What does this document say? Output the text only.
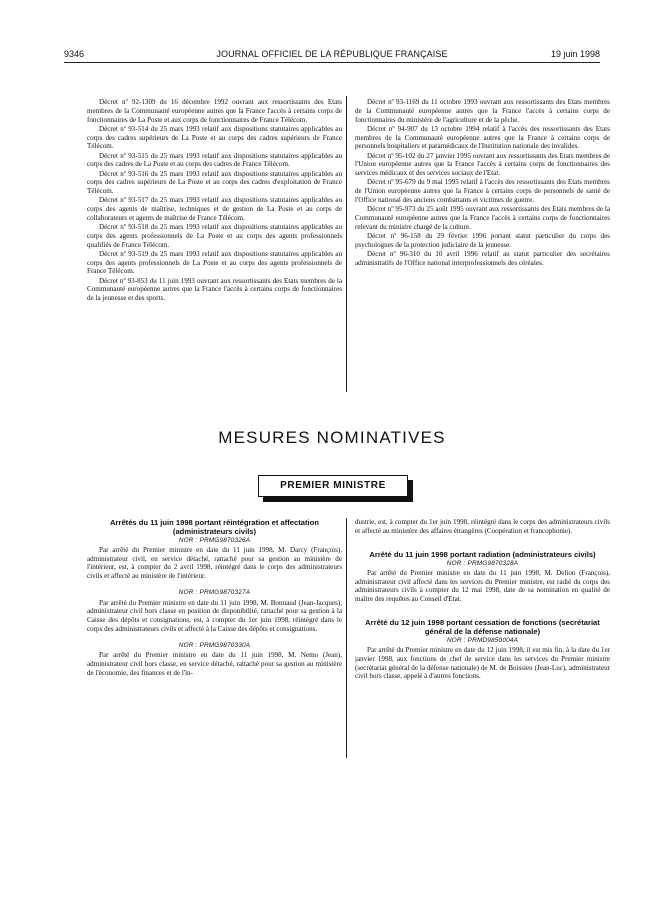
9346	JOURNAL OFFICIEL DE LA RÉPUBLIQUE FRANÇAISE	19 juin 1998

Décret nº 92-1309 du 16 décembre 1992 ouvrant aux ressortissants des Etats membres de la Communauté européenne autres que la France l'accès à certains corps de fonctionnaires de La Poste et aux corps de fonctionnaires de France Télécom.

Décret nº 93-514 du 25 mars 1993 relatif aux dispositions statutaires applicables au corps des cadres supérieurs de La Poste et au corps des cadres supérieurs de France Télécom.

Décret nº 93-515 du 25 mars 1993 relatif aux dispositions statutaires applicables au corps des cadres de La Poste et au corps des cadres de France Télécom.

Décret nº 93-516 du 25 mars 1993 relatif aux dispositions statutaires applicables au corps des cadres supérieurs de La Poste et au corps des cadres d'exploitation de France Télécom.

Décret nº 93-517 du 25 mars 1993 relatif aux dispositions statutaires applicables au corps des agents de maîtrise, techniques et de gestion de La Poste et au corps de collaborateurs et agents de maîtrise de France Télécom.

Décret nº 93-518 du 25 mars 1993 relatif aux dispositions statutaires applicables au corps des agents professionnels de La Poste et au corps des agents professionnels qualifiés de France Télécom.

Décret nº 93-519 du 25 mars 1993 relatif aux dispositions statutaires applicables au corps des agents professionnels de La Poste et au corps des agents professionnels de France Télécom.

Décret nº 93-853 du 11 juin 1993 ouvrant aux ressortissants des Etats membres de la Communauté européenne autres que la France l'accès à certains corps de fonctionnaires de la jeunesse et des sports.

Décret nº 93-1169 du 11 octobre 1993 ouvrant aux ressortissants des Etats membres de la Communauté européenne autres que la France l'accès à certains corps de fonctionnaires du ministère de l'agriculture et de la pêche.

Décret nº 94-907 du 13 octobre 1994 relatif à l'accès des ressortissants des Etats membres de la Communauté européenne autres que la France à certains corps de personnels hospitaliers et paramédicaux de l'Institution nationale des invalides.

Décret nº 95-102 du 27 janvier 1995 ouvrant aux ressortissants des Etats membres de l'Union européenne autres que la France l'accès à certains corps de fonctionnaires des services médicaux et des services sociaux de l'Etat.

Décret nº 95-679 du 9 mai 1995 relatif à l'accès des ressortissants des Etats membres de l'Union européenne autres que la France à certains corps de personnels de santé de l'Office national des anciens combattants et victimes de guerre.

Décret nº 95-973 du 25 août 1995 ouvrant aux ressortissants des Etats membres de la Communauté européenne autres que la France l'accès à certains corps de fonctionnaires relevant du ministre chargé de la culture.

Décret nº 96-158 du 29 février 1996 portant statut particulier du corps des psychologues de la protection judiciaire de la jeunesse.

Décret nº 96-310 du 10 avril 1996 relatif au statut particulier des secrétaires administratifs de l'Office national interprofessionnels des céréales.

MESURES NOMINATIVES
PREMIER MINISTRE

Arrêtés du 11 juin 1998 portant réintégration et affectation (administrateurs civils)

NOR : PRMG9870326A

Par arrêté du Premier ministre en date du 11 juin 1998, M. Darcy (François), administrateur civil, en service détaché, rattaché pour sa gestion au ministère de l'intérieur, est, à compter du 2 avril 1998, réintégré dans le corps des administrateurs civils et affecté au ministère de l'intérieur.

NOR : PRMG9870327A

Par arrêté du Premier ministre en date du 11 juin 1998, M. Bonnaud (Jean-Jacques), administrateur civil hors classe en position de disponibilité, rattaché pour sa gestion à la Caisse des dépôts et consignations, est, à compter du 1er juin 1998, réintégré dans le corps des administrateurs civils et affecté à la Caisse des dépôts et consignations.

NOR : PRMG9870330A

Par arrêté du Premier ministre en date du 11 juin 1998, M. Nemo (Jean), administrateur civil hors classe, en service détaché, rattaché pour sa gestion au ministère de l'économie, des finances et de l'in-

dustrie, est, à compter du 1er juin 1998, réintégré dans le corps des administrateurs civils et affecté au ministère des affaires étrangères (Coopération et francophonie).

Arrêté du 11 juin 1998 portant radiation (administrateurs civils)

NOR : PRMG9870328A

Par arrêté du Premier ministre en date du 11 juin 1998, M. Delion (François), administrateur civil affecté dans les services du Premier ministre, est radié du corps des administrateurs civils à compter du 12 mai 1998, date de sa nomination en qualité de maître des requêtes au Conseil d'Etat.

Arrêté du 12 juin 1998 portant cessation de fonctions (secrétariat général de la défense nationale)

NOR : PRMD9850004A

Par arrêté du Premier ministre en date du 12 juin 1998, il est mis fin, à la date du 1er janvier 1998, aux fonctions de chef de service dans les services du Premier ministre (secrétariat général de la défense nationale) de M. de Boissieu (Jean-Luc), administrateur civil hors classe, appelé à d'autres fonctions.
